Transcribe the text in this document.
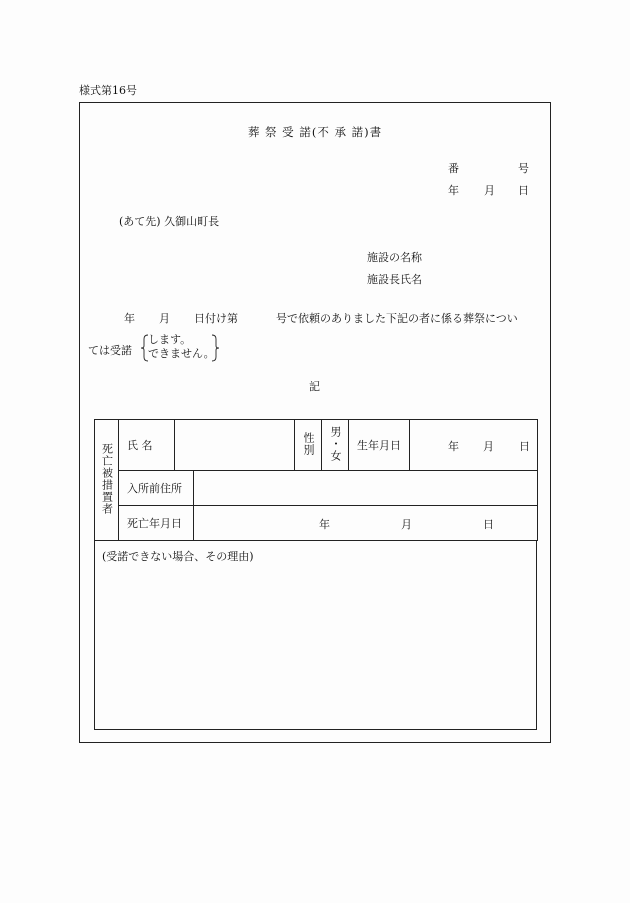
様式第16号
葬 祭 受 諾(不 承 諾)書
番	号
年 月 日
(あて先) 久御山町長
施設の名称
施設長氏名
年 月 日付け第	号で依頼のありました下記の者に係る葬祭につい
ては受諾
します。
できません。
記
死亡被措置者	氏 名			性別	男・女	生年月日	年 月 日

	入所前住所						
	死亡年月日		年 月 日				
(受諾できない場合、その理由)
